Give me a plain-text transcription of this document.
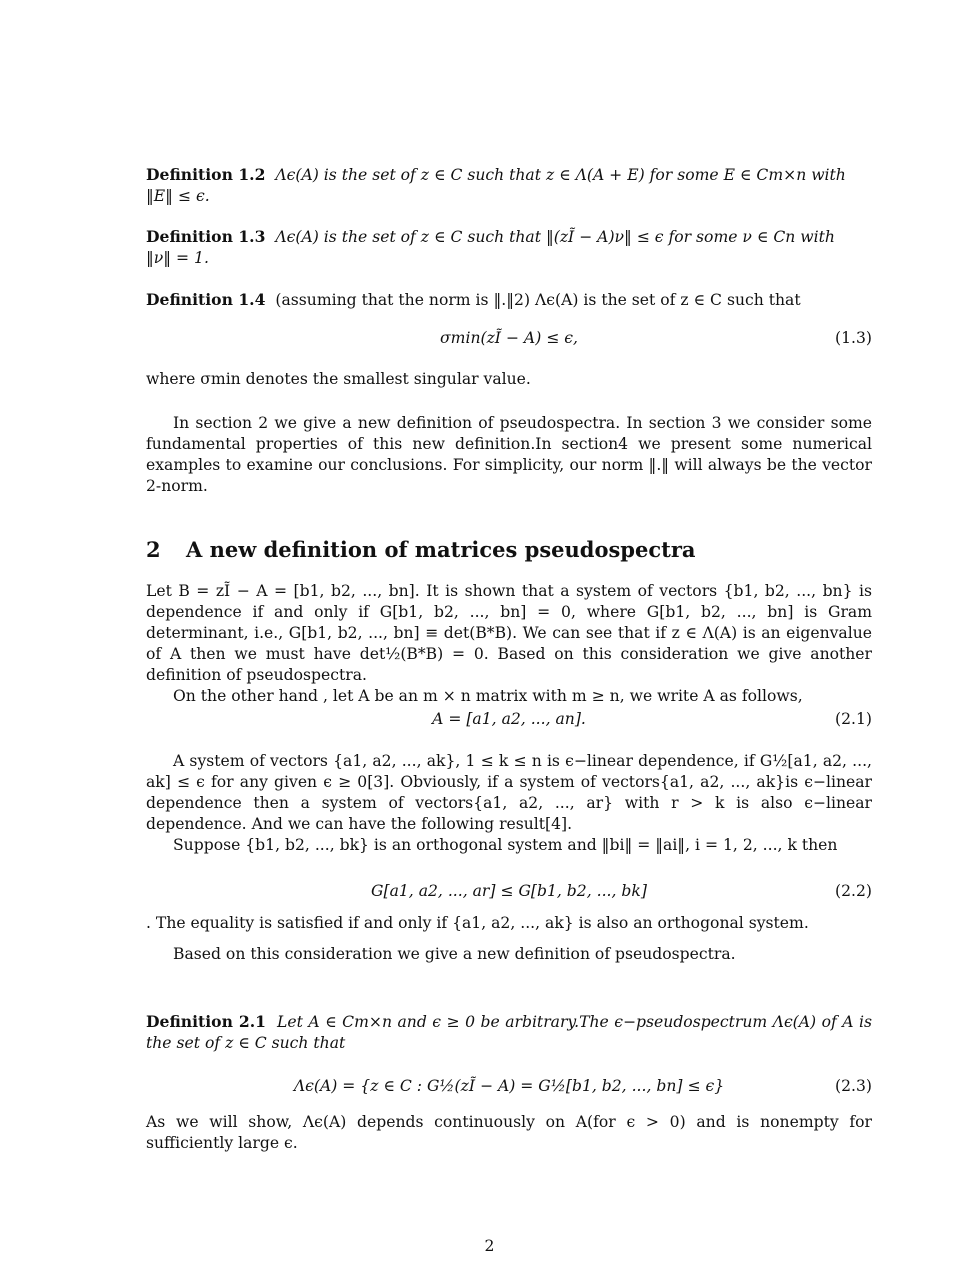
Definition 1.2 Λϵ(A) is the set of z ∈ C such that z ∈ Λ(A + E) for some E ∈ Cm×n with

‖E‖ ≤ ϵ.

Definition 1.3 Λϵ(A) is the set of z ∈ C such that ‖(zĨ − A)ν‖ ≤ ϵ for some ν ∈ Cn with

‖ν‖ = 1.

Definition 1.4 (assuming that the norm is ‖.‖2) Λϵ(A) is the set of z ∈ C such that

σmin(zĨ − A) ≤ ϵ,	(1.3)

where σmin denotes the smallest singular value.

In section 2 we give a new definition of pseudospectra. In section 3 we consider some fundamental properties of this new definition.In section4 we present some numerical examples to examine our conclusions. For simplicity, our norm ‖.‖ will always be the vector 2-norm.

2 A new definition of matrices pseudospectra

Let B = zĨ − A = [b1, b2, ..., bn]. It is shown that a system of vectors {b1, b2, ..., bn} is dependence if and only if G[b1, b2, ..., bn] = 0, where G[b1, b2, ..., bn] is Gram determinant, i.e., G[b1, b2, ..., bn] ≡ det(B*B). We can see that if z ∈ Λ(A) is an eigenvalue of A then we must have det½(B*B) = 0. Based on this consideration we give another definition of pseudospectra.

On the other hand , let A be an m × n matrix with m ≥ n, we write A as follows,

A = [a1, a2, ..., an].	(2.1)

A system of vectors {a1, a2, ..., ak}, 1 ≤ k ≤ n is ϵ−linear dependence, if G½[a1, a2, ..., ak] ≤ ϵ for any given ϵ ≥ 0[3]. Obviously, if a system of vectors{a1, a2, ..., ak}is ϵ−linear dependence then a system of vectors{a1, a2, ..., ar} with r > k is also ϵ−linear dependence. And we can have the following result[4].

Suppose {b1, b2, ..., bk} is an orthogonal system and ‖bi‖ = ‖ai‖, i = 1, 2, ..., k then

G[a1, a2, ..., ar] ≤ G[b1, b2, ..., bk]	(2.2)

. The equality is satisfied if and only if {a1, a2, ..., ak} is also an orthogonal system.

Based on this consideration we give a new definition of pseudospectra.

Definition 2.1 Let A ∈ Cm×n and ϵ ≥ 0 be arbitrary.The ϵ−pseudospectrum Λϵ(A) of A is the set of z ∈ C such that

Λϵ(A) = {z ∈ C : G½(zĨ − A) = G½[b1, b2, ..., bn] ≤ ϵ}	(2.3)

As we will show, Λϵ(A) depends continuously on A(for ϵ > 0) and is nonempty for sufficiently large ϵ.

2
